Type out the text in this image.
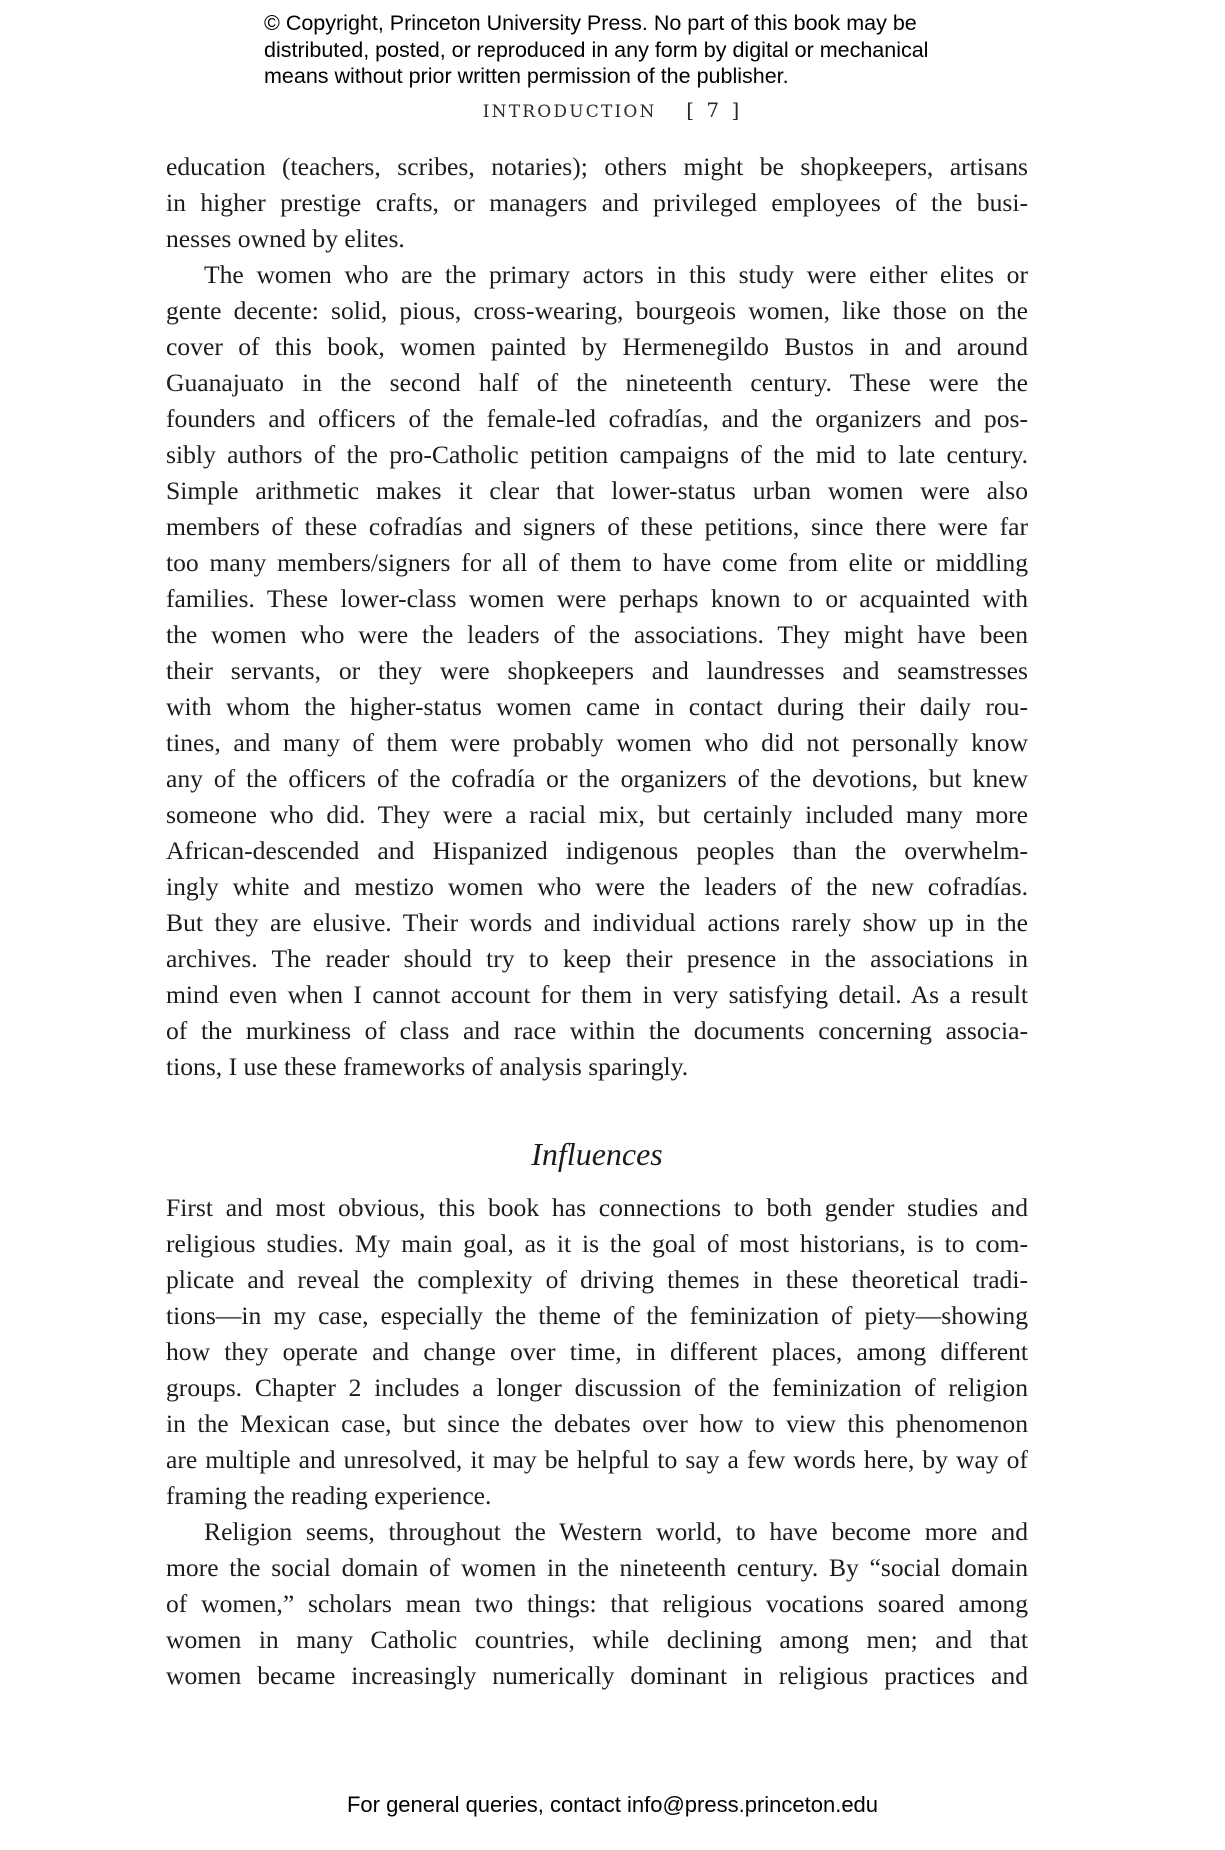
© Copyright, Princeton University Press. No part of this book may be
distributed, posted, or reproduced in any form by digital or mechanical
means without prior written permission of the publisher.
INTRODUCTION [ 7 ]
education (teachers, scribes, notaries); others might be shopkeepers, artisans
in higher prestige crafts, or managers and privileged employees of the busi-
nesses owned by elites.
The women who are the primary actors in this study were either elites or
gente decente: solid, pious, cross-wearing, bourgeois women, like those on the
cover of this book, women painted by Hermenegildo Bustos in and around
Guanajuato in the second half of the nineteenth century. These were the
founders and officers of the female-led cofradías, and the organizers and pos-
sibly authors of the pro-Catholic petition campaigns of the mid to late century.
Simple arithmetic makes it clear that lower-status urban women were also
members of these cofradías and signers of these petitions, since there were far
too many members/signers for all of them to have come from elite or middling
families. These lower-class women were perhaps known to or acquainted with
the women who were the leaders of the associations. They might have been
their servants, or they were shopkeepers and laundresses and seamstresses
with whom the higher-status women came in contact during their daily rou-
tines, and many of them were probably women who did not personally know
any of the officers of the cofradía or the organizers of the devotions, but knew
someone who did. They were a racial mix, but certainly included many more
African-descended and Hispanized indigenous peoples than the overwhelm-
ingly white and mestizo women who were the leaders of the new cofradías.
But they are elusive. Their words and individual actions rarely show up in the
archives. The reader should try to keep their presence in the associations in
mind even when I cannot account for them in very satisfying detail. As a result
of the murkiness of class and race within the documents concerning associa-
tions, I use these frameworks of analysis sparingly.
Influences
First and most obvious, this book has connections to both gender studies and
religious studies. My main goal, as it is the goal of most historians, is to com-
plicate and reveal the complexity of driving themes in these theoretical tradi-
tions—in my case, especially the theme of the feminization of piety—showing
how they operate and change over time, in different places, among different
groups. Chapter 2 includes a longer discussion of the feminization of religion
in the Mexican case, but since the debates over how to view this phenomenon
are multiple and unresolved, it may be helpful to say a few words here, by way of
framing the reading experience.
Religion seems, throughout the Western world, to have become more and
more the social domain of women in the nineteenth century. By “social domain
of women,” scholars mean two things: that religious vocations soared among
women in many Catholic countries, while declining among men; and that
women became increasingly numerically dominant in religious practices and
For general queries, contact info@press.princeton.edu
